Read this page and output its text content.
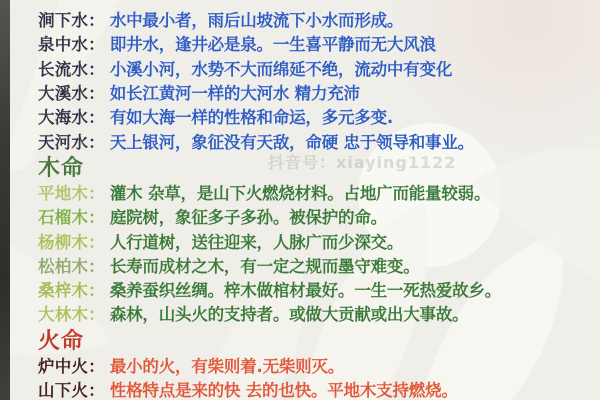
抖音号：xiaying1122
涧下水： 水中最小者，雨后山坡流下小水而形成。
泉中水： 即井水，逢井必是泉。一生喜平静而无大风浪
长流水： 小溪小河，水势不大而绵延不绝，流动中有变化
大溪水： 如长江黄河一样的大河水 精力充沛
大海水： 有如大海一样的性格和命运，多元多变.
天河水： 天上银河，象征没有天敌，命硬 忠于领导和事业。
木命
平地木： 灌木 杂草，是山下火燃烧材料。占地广而能量较弱。
石榴木： 庭院树，象征多子多孙。被保护的命。
杨柳木： 人行道树，送往迎来，人脉广而少深交。
松柏木： 长寿而成材之木，有一定之规而墨守难变。
桑梓木： 桑养蚕织丝绸。梓木做棺材最好。一生一死热爱故乡。
大林木： 森林，山头火的支持者。或做大贡献或出大事故。
火命
炉中火： 最小的火，有柴则着.无柴则灭。
山下火： 性格特点是来的快 去的也快。平地木支持燃烧。
